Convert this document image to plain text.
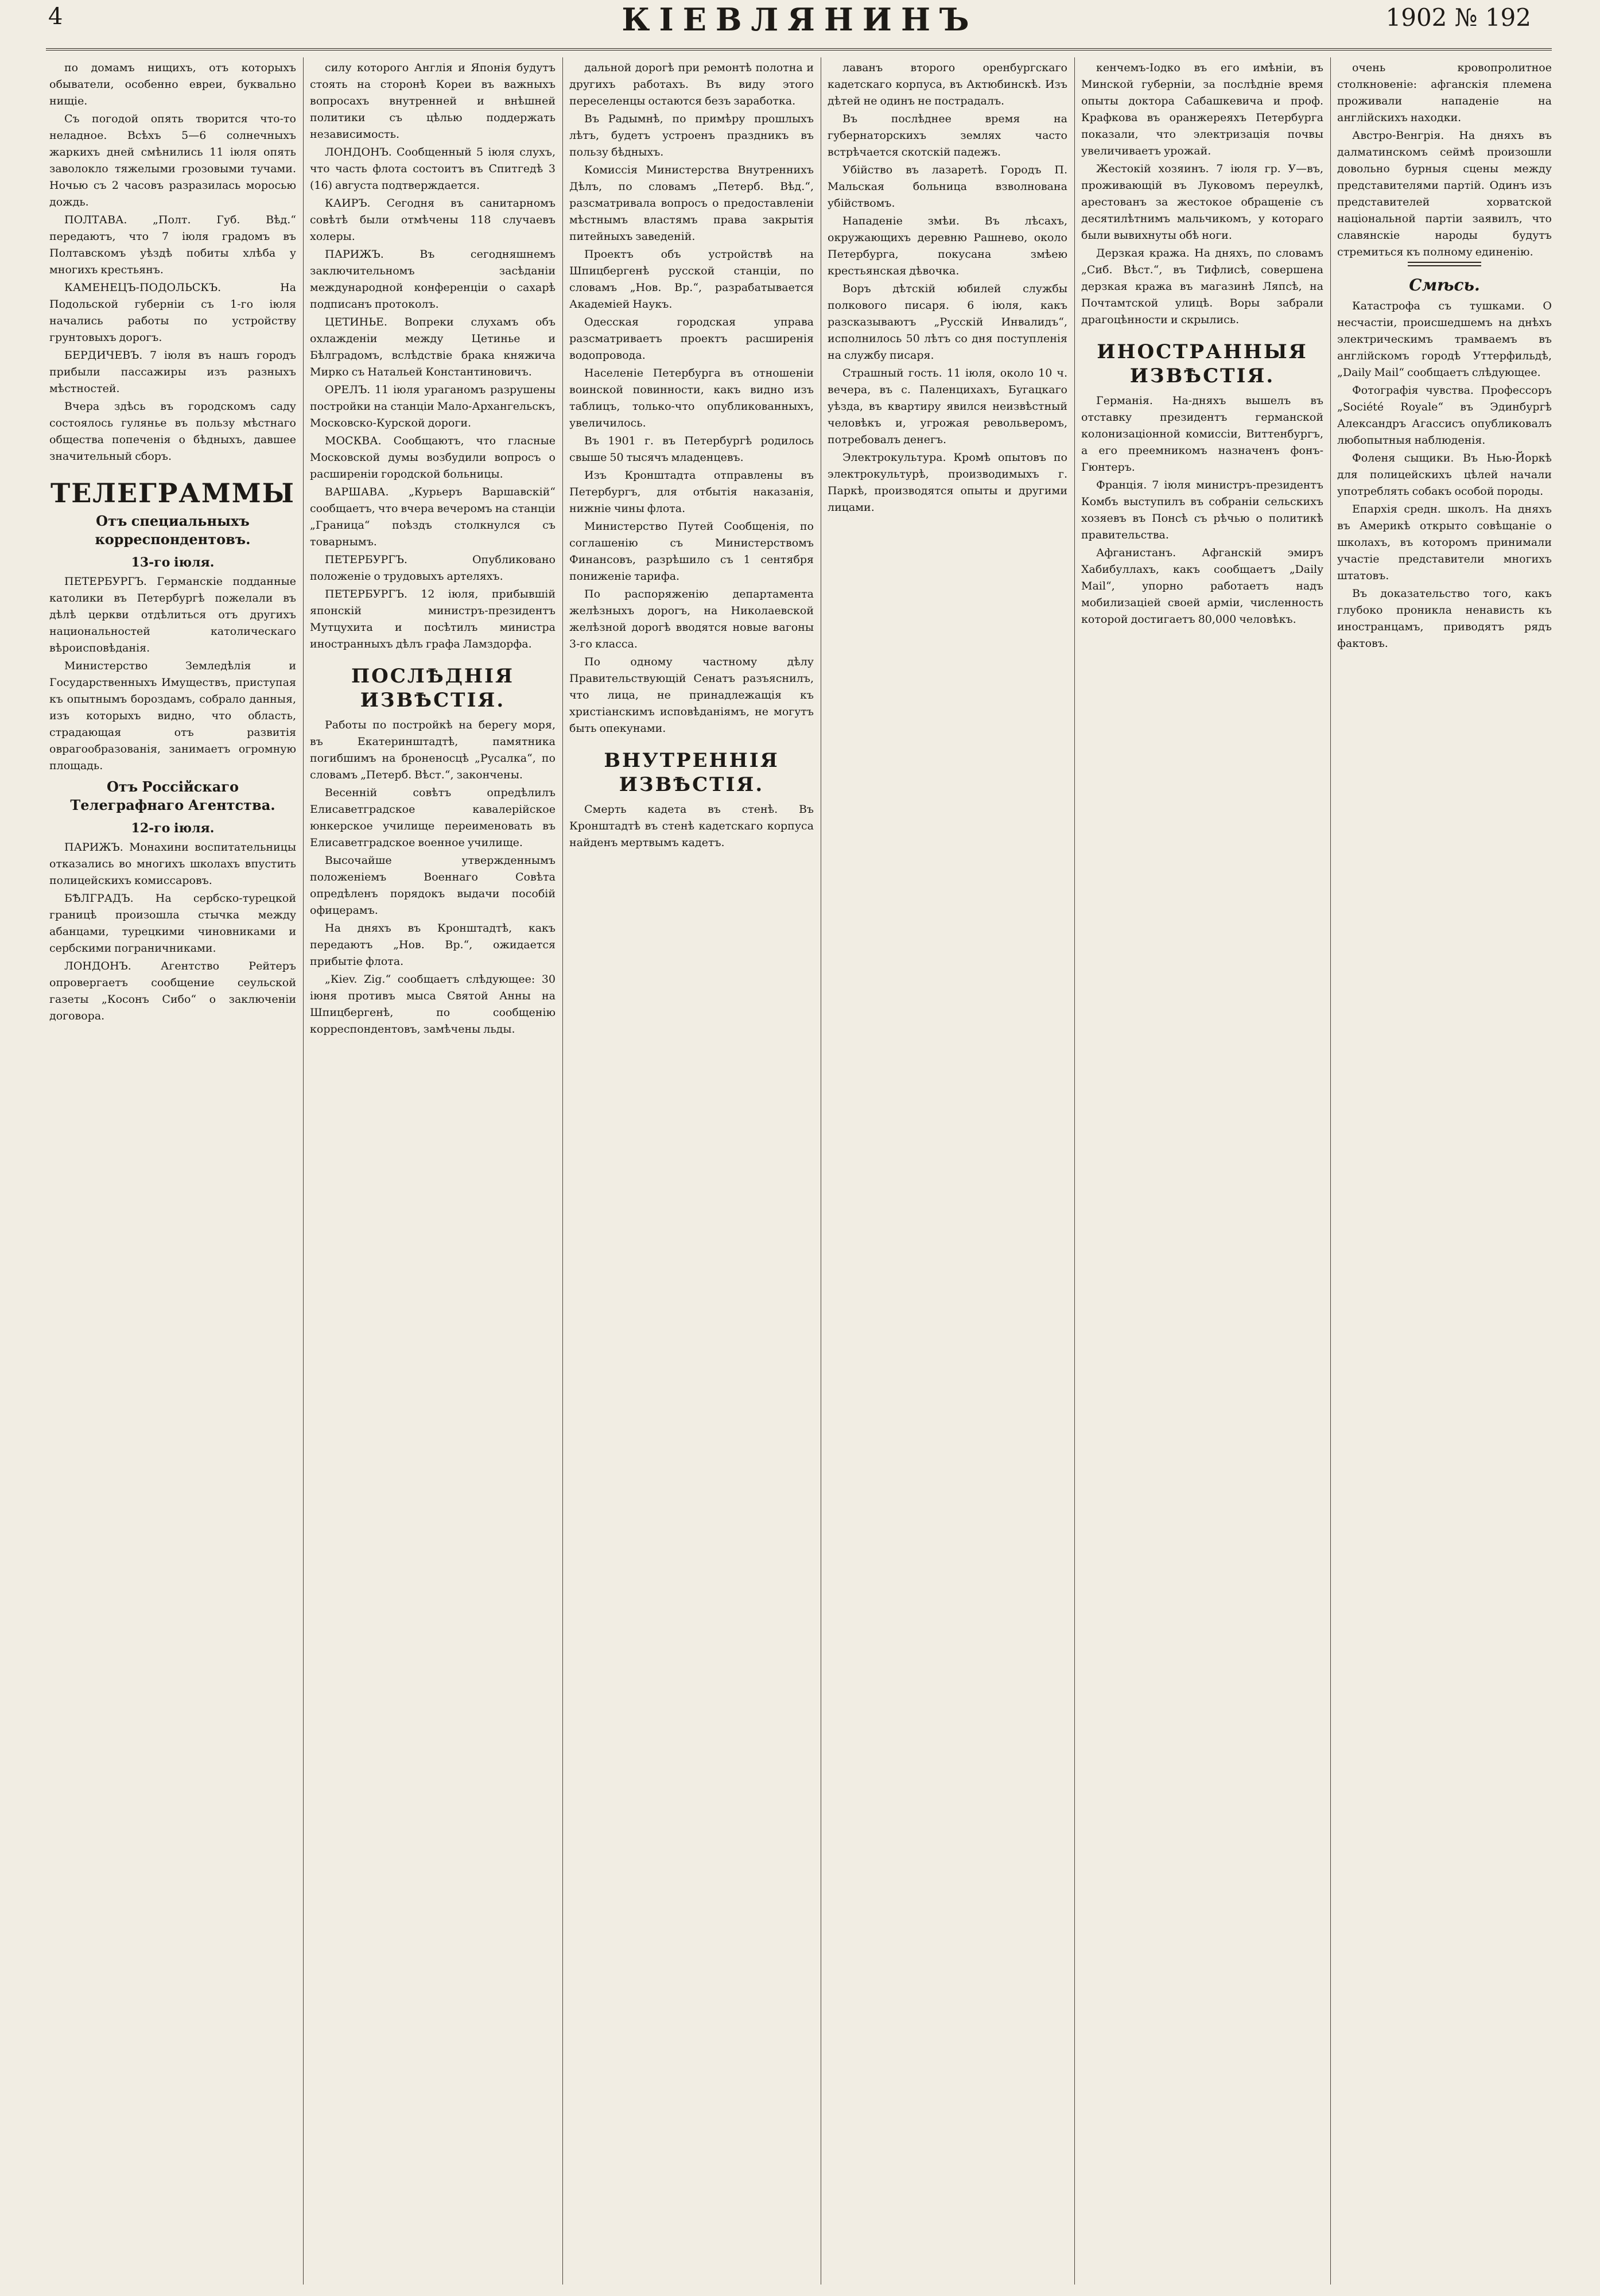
4	КІЕВЛЯНИНЪ	1902 № 192

по домамъ нищихъ, отъ которыхъ обыватели, особенно евреи, буквально нищіе.

Съ погодой опять творится что-то неладное. Всѣхъ 5—6 солнечныхъ жаркихъ дней смѣнились 11 іюля опять заволокло тяжелыми грозовыми тучами. Ночью съ 2 часовъ разразилась моросью дождь.

ПОЛТАВА. „Полт. Губ. Вѣд.“ передаютъ, что 7 іюля градомъ въ Полтавскомъ уѣздѣ побиты хлѣба у многихъ крестьянъ.

КАМЕНЕЦЪ-ПОДОЛЬСКЪ. На Подольской губерніи съ 1-го іюля начались работы по устройству грунтовыхъ дорогъ.

БЕРДИЧЕВЪ. 7 іюля въ нашъ городъ прибыли пассажиры изъ разныхъ мѣстностей.

Вчера здѣсь въ городскомъ саду состоялось гулянье въ пользу мѣстнаго общества попеченія о бѣдныхъ, давшее значительный сборъ.

ТЕЛЕГРАММЫ
Отъ специальныхъ корреспондентовъ.
13-го іюля.

ПЕТЕРБУРГЪ. Германскіе подданные католики въ Петербургѣ пожелали въ дѣлѣ церкви отдѣлиться отъ другихъ национальностей католическаго вѣроисповѣданія.

Министерство Земледѣлія и Государственныхъ Имуществъ, приступая къ опытнымъ бороздамъ, собрало данныя, изъ которыхъ видно, что область, страдающая отъ развитія оврагообразованія, занимаетъ огромную площадь.

Отъ Россійскаго Телеграфнаго Агентства.
12-го іюля.

ПАРИЖЪ. Монахини воспитательницы отказались во многихъ школахъ впустить полицейскихъ комиссаровъ.

БѢЛГРАДЪ. На сербско-турецкой границѣ произошла стычка между абанцами, турецкими чиновниками и сербскими пограничниками.

ЛОНДОНЪ. Агентство Рейтеръ опровергаетъ сообщение сеульской газеты „Косонъ Сибо“ о заключеніи договора.

силу которого Англія и Японія будутъ стоять на сторонѣ Кореи въ важныхъ вопросахъ внутренней и внѣшней политики съ цѣлью поддержать независимость.

ЛОНДОНЪ. Сообщенный 5 іюля слухъ, что часть флота состоитъ въ Спитгедѣ 3 (16) августа подтверждается.

КАИРЪ. Сегодня въ санитарномъ совѣтѣ были отмѣчены 118 случаевъ холеры.

ПАРИЖЪ. Въ сегодняшнемъ заключительномъ засѣданіи международной конференціи о сахарѣ подписанъ протоколъ.

ЦЕТИНЬЕ. Вопреки слухамъ объ охлажденіи между Цетинье и Бѣлградомъ, вслѣдствіе брака княжича Мирко съ Натальей Константиновичъ.

ОРЕЛЪ. 11 іюля ураганомъ разрушены постройки на станціи Мало-Архангельскъ, Московско-Курской дороги.

МОСКВА. Сообщаютъ, что гласные Московской думы возбудили вопросъ о расширеніи городской больницы.

ВАРШАВА. „Курьеръ Варшавскій“ сообщаетъ, что вчера вечеромъ на станціи „Граница“ поѣздъ столкнулся съ товарнымъ.

ПЕТЕРБУРГЪ. Опубликовано положеніе о трудовыхъ артеляхъ.

ПЕТЕРБУРГЪ. 12 іюля, прибывшій японскій министръ-президентъ Мутцухита и посѣтилъ министра иностранныхъ дѣлъ графа Ламздорфа.

ПОСЛѢДНІЯ ИЗВѢСТІЯ.

Работы по постройкѣ на берегу моря, въ Екатеринштадтѣ, памятника погибшимъ на броненосцѣ „Русалка“, по словамъ „Петерб. Вѣст.“, закончены.

Весенній совѣтъ опредѣлилъ Елисаветградское кавалерійское юнкерское училище переименовать въ Елисаветградское военное училище.

Высочайше утвержденнымъ положеніемъ Военнаго Совѣта опредѣленъ порядокъ выдачи пособій офицерамъ.

На дняхъ въ Кронштадтѣ, какъ передаютъ „Нов. Вр.“, ожидается прибытіе флота.

„Кiev. Zig.“ сообщаетъ слѣдующее: 30 іюня противъ мыса Святой Анны на Шпицбергенѣ, по сообщенію корреспондентовъ, замѣчены льды.

дальной дорогѣ при ремонтѣ полотна и другихъ работахъ. Въ виду этого переселенцы остаются безъ заработка.

Въ Радымнѣ, по примѣру прошлыхъ лѣтъ, будетъ устроенъ праздникъ въ пользу бѣдныхъ.

Комиссія Министерства Внутреннихъ Дѣлъ, по словамъ „Петерб. Вѣд.“, разсматривала вопросъ о предоставленіи мѣстнымъ властямъ права закрытія питейныхъ заведеній.

Проектъ объ устройствѣ на Шпицбергенѣ русской станціи, по словамъ „Нов. Вр.“, разрабатывается Академіей Наукъ.

Одесская городская управа разсматриваетъ проектъ расширенія водопровода.

Населеніе Петербурга въ отношеніи воинской повинности, какъ видно изъ таблицъ, только-что опубликованныхъ, увеличилось.

Въ 1901 г. въ Петербургѣ родилось свыше 50 тысячъ младенцевъ.

Изъ Кронштадта отправлены въ Петербургъ, для отбытія наказанія, нижніе чины флота.

Министерство Путей Сообщенія, по соглашенію съ Министерствомъ Финансовъ, разрѣшило съ 1 сентября пониженіе тарифа.

По распоряженію департамента желѣзныхъ дорогъ, на Николаевской желѣзной дорогѣ вводятся новые вагоны 3-го класса.

По одному частному дѣлу Правительствующій Сенатъ разъяснилъ, что лица, не принадлежащія къ христіанскимъ исповѣданіямъ, не могутъ быть опекунами.

ВНУТРЕННІЯ ИЗВѢСТІЯ.

Смерть кадета въ стенѣ. Въ Кронштадтѣ въ стенѣ кадетскаго корпуса найденъ мертвымъ кадетъ.

лаванъ второго оренбургскаго кадетскаго корпуса, въ Актюбинскѣ. Изъ дѣтей не одинъ не пострадалъ.

Въ послѣднее время на губернаторскихъ землях часто встрѣчается скотскій падежъ.

Убійство въ лазаретѣ. Городъ П. Мальская больница взволнована убійствомъ.

Нападеніе змѣи. Въ лѣсахъ, окружающихъ деревню Рашнево, около Петербурга, покусана змѣею крестьянская дѣвочка.

Воръ дѣтскій юбилей службы полкового писаря. 6 іюля, какъ разсказываютъ „Русскій Инвалидъ“, исполнилось 50 лѣтъ со дня поступленія на службу писаря.

Страшный гость. 11 іюля, около 10 ч. вечера, въ с. Паленцихахъ, Бугацкаго уѣзда, въ квартиру явился неизвѣстный человѣкъ и, угрожая револьверомъ, потребовалъ денегъ.

Электрокультура. Кромѣ опытовъ по электрокультурѣ, производимыхъ г. Паркѣ, производятся опыты и другими лицами.

кенчемъ-Іодко въ его имѣніи, въ Минской губерніи, за послѣдніе время опыты доктора Сабашкевича и проф. Крафкова въ оранжереяхъ Петербурга показали, что электризація почвы увеличиваетъ урожай.

Жестокій хозяинъ. 7 іюля гр. У—въ, проживающій въ Луковомъ переулкѣ, арестованъ за жестокое обращеніе съ десятилѣтнимъ мальчикомъ, у котораго были вывихнуты обѣ ноги.

Дерзкая кража. На дняхъ, по словамъ „Сиб. Вѣст.“, въ Тифлисѣ, совершена дерзкая кража въ магазинѣ Ляпсѣ, на Почтамтской улицѣ. Воры забрали драгоцѣнности и скрылись.

ИНОСТРАННЫЯ ИЗВѢСТІЯ.

Германія. На-дняхъ вышелъ въ отставку президентъ германской колонизаціонной комиссіи, Виттенбургъ, а его преемникомъ назначенъ фонъ-Гюнтеръ.

Франція. 7 іюля министръ-президентъ Комбъ выступилъ въ собраніи сельскихъ хозяевъ въ Понсѣ съ рѣчью о политикѣ правительства.

Афганистанъ. Афганскій эмиръ Хабибуллахъ, какъ сообщаетъ „Daily Mail“, упорно работаетъ надъ мобилизаціей своей арміи, численность которой достигаетъ 80,000 человѣкъ.

очень кровопролитное столкновеніе: афганскія племена проживали нападеніе на англійскихъ находки.

Австро-Венгрія. На дняхъ въ далматинскомъ сеймѣ произошли довольно бурныя сцены между представителями партій. Одинъ изъ представителей хорватской національной партіи заявилъ, что славянскіе народы будутъ стремиться къ полному единенію.

Смѣсь.

Катастрофа съ тушками. О несчастіи, происшедшемъ на днѣхъ электрическимъ трамваемъ въ англійскомъ городѣ Уттерфильдѣ, „Daily Mail“ сообщаетъ слѣдующее.

Фотографія чувства. Профессоръ „Société Royale“ въ Эдинбургѣ Александръ Агассисъ опубликовалъ любопытныя наблюденія.

Фоленя сыщики. Въ Нью-Йоркѣ для полицейскихъ цѣлей начали употреблять собакъ особой породы.

Епархія средн. школъ. На дняхъ въ Америкѣ открыто совѣщаніе о школахъ, въ которомъ принимали участіе представители многихъ штатовъ.

Въ доказательство того, какъ глубоко проникла ненависть къ иностранцамъ, приводятъ рядъ фактовъ.
